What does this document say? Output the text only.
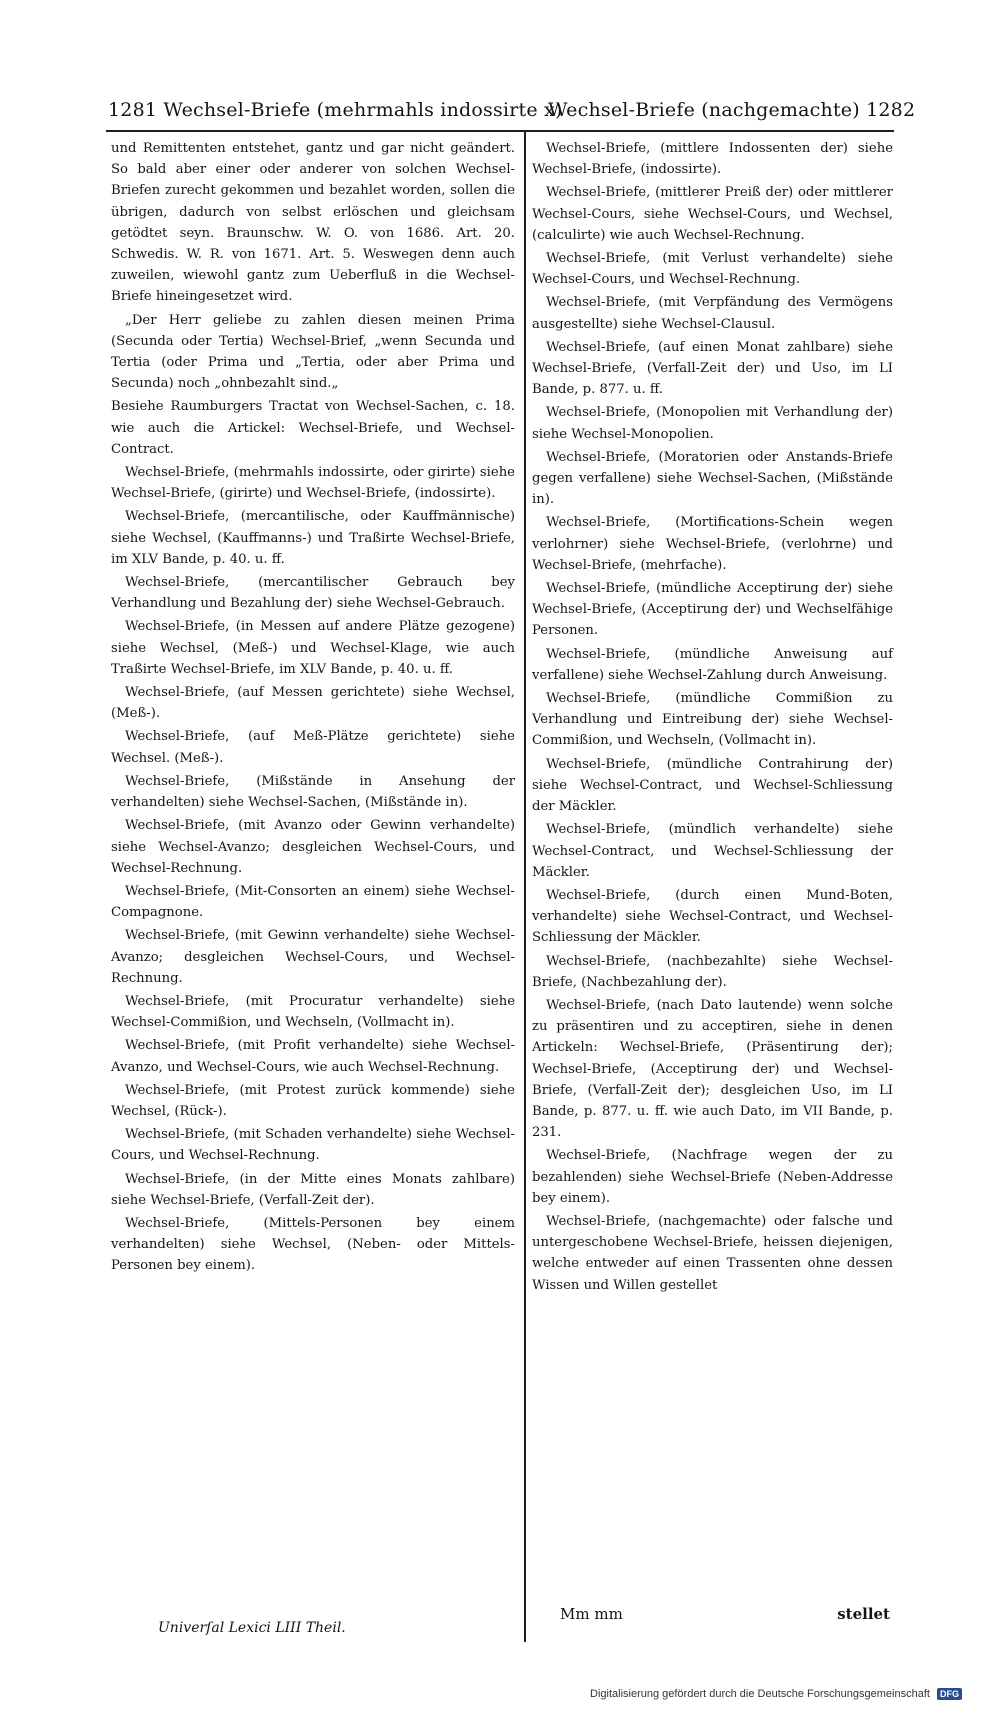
1281 Wechsel-Briefe (mehrmahls indossirte x)
Wechsel-Briefe (nachgemachte) 1282

und Remittenten entstehet, gantz und gar nicht geändert. So bald aber einer oder anderer von solchen Wechsel-Briefen zurecht gekommen und bezahlet worden, sollen die übrigen, dadurch von selbst erlöschen und gleichsam getödtet seyn. Braunschw. W. O. von 1686. Art. 20. Schwedis. W. R. von 1671. Art. 5. Weswegen denn auch zuweilen, wiewohl gantz zum Ueberfluß in die Wechsel-Briefe hineingesetzet wird.

„Der Herr geliebe zu zahlen diesen meinen Prima (Secunda oder Tertia) Wechsel-Brief, „wenn Secunda und Tertia (oder Prima und „Tertia, oder aber Prima und Secunda) noch „ohnbezahlt sind.„

Besiehe Raumburgers Tractat von Wechsel-Sachen, c. 18. wie auch die Artickel: Wechsel-Briefe, und Wechsel-Contract.

Wechsel-Briefe, (mehrmahls indossirte, oder girirte) siehe Wechsel-Briefe, (girirte) und Wechsel-Briefe, (indossirte).

Wechsel-Briefe, (mercantilische, oder Kauffmännische) siehe Wechsel, (Kauffmanns-) und Traßirte Wechsel-Briefe, im XLV Bande, p. 40. u. ff.

Wechsel-Briefe, (mercantilischer Gebrauch bey Verhandlung und Bezahlung der) siehe Wechsel-Gebrauch.

Wechsel-Briefe, (in Messen auf andere Plätze gezogene) siehe Wechsel, (Meß-) und Wechsel-Klage, wie auch Traßirte Wechsel-Briefe, im XLV Bande, p. 40. u. ff.

Wechsel-Briefe, (auf Messen gerichtete) siehe Wechsel, (Meß-).

Wechsel-Briefe, (auf Meß-Plätze gerichtete) siehe Wechsel. (Meß-).

Wechsel-Briefe, (Mißstände in Ansehung der verhandelten) siehe Wechsel-Sachen, (Mißstände in).

Wechsel-Briefe, (mit Avanzo oder Gewinn verhandelte) siehe Wechsel-Avanzo; desgleichen Wechsel-Cours, und Wechsel-Rechnung.

Wechsel-Briefe, (Mit-Consorten an einem) siehe Wechsel-Compagnone.

Wechsel-Briefe, (mit Gewinn verhandelte) siehe Wechsel-Avanzo; desgleichen Wechsel-Cours, und Wechsel-Rechnung.

Wechsel-Briefe, (mit Procuratur verhandelte) siehe Wechsel-Commißion, und Wechseln, (Vollmacht in).

Wechsel-Briefe, (mit Profit verhandelte) siehe Wechsel-Avanzo, und Wechsel-Cours, wie auch Wechsel-Rechnung.

Wechsel-Briefe, (mit Protest zurück kommende) siehe Wechsel, (Rück-).

Wechsel-Briefe, (mit Schaden verhandelte) siehe Wechsel-Cours, und Wechsel-Rechnung.

Wechsel-Briefe, (in der Mitte eines Monats zahlbare) siehe Wechsel-Briefe, (Verfall-Zeit der).

Wechsel-Briefe, (Mittels-Personen bey einem verhandelten) siehe Wechsel, (Neben- oder Mittels-Personen bey einem).

Wechsel-Briefe, (mittlere Indossenten der) siehe Wechsel-Briefe, (indossirte).

Wechsel-Briefe, (mittlerer Preiß der) oder mittlerer Wechsel-Cours, siehe Wechsel-Cours, und Wechsel, (calculirte) wie auch Wechsel-Rechnung.

Wechsel-Briefe, (mit Verlust verhandelte) siehe Wechsel-Cours, und Wechsel-Rechnung.

Wechsel-Briefe, (mit Verpfändung des Vermögens ausgestellte) siehe Wechsel-Clausul.

Wechsel-Briefe, (auf einen Monat zahlbare) siehe Wechsel-Briefe, (Verfall-Zeit der) und Uso, im LI Bande, p. 877. u. ff.

Wechsel-Briefe, (Monopolien mit Verhandlung der) siehe Wechsel-Monopolien.

Wechsel-Briefe, (Moratorien oder Anstands-Briefe gegen verfallene) siehe Wechsel-Sachen, (Mißstände in).

Wechsel-Briefe, (Mortifications-Schein wegen verlohrner) siehe Wechsel-Briefe, (verlohrne) und Wechsel-Briefe, (mehrfache).

Wechsel-Briefe, (mündliche Acceptirung der) siehe Wechsel-Briefe, (Acceptirung der) und Wechselfähige Personen.

Wechsel-Briefe, (mündliche Anweisung auf verfallene) siehe Wechsel-Zahlung durch Anweisung.

Wechsel-Briefe, (mündliche Commißion zu Verhandlung und Eintreibung der) siehe Wechsel-Commißion, und Wechseln, (Vollmacht in).

Wechsel-Briefe, (mündliche Contrahirung der) siehe Wechsel-Contract, und Wechsel-Schliessung der Mäckler.

Wechsel-Briefe, (mündlich verhandelte) siehe Wechsel-Contract, und Wechsel-Schliessung der Mäckler.

Wechsel-Briefe, (durch einen Mund-Boten, verhandelte) siehe Wechsel-Contract, und Wechsel-Schliessung der Mäckler.

Wechsel-Briefe, (nachbezahlte) siehe Wechsel-Briefe, (Nachbezahlung der).

Wechsel-Briefe, (nach Dato lautende) wenn solche zu präsentiren und zu acceptiren, siehe in denen Artickeln: Wechsel-Briefe, (Präsentirung der); Wechsel-Briefe, (Acceptirung der) und Wechsel-Briefe, (Verfall-Zeit der); desgleichen Uso, im LI Bande, p. 877. u. ff. wie auch Dato, im VII Bande, p. 231.

Wechsel-Briefe, (Nachfrage wegen der zu bezahlenden) siehe Wechsel-Briefe (Neben-Addresse bey einem).

Wechsel-Briefe, (nachgemachte) oder falsche und untergeschobene Wechsel-Briefe, heissen diejenigen, welche entweder auf einen Trassenten ohne dessen Wissen und Willen gestellet

Univerſal Lexici LIII Theil.
Mm mm	stellet
Digitalisierung gefördert durch die Deutsche Forschungsgemeinschaft DFG
